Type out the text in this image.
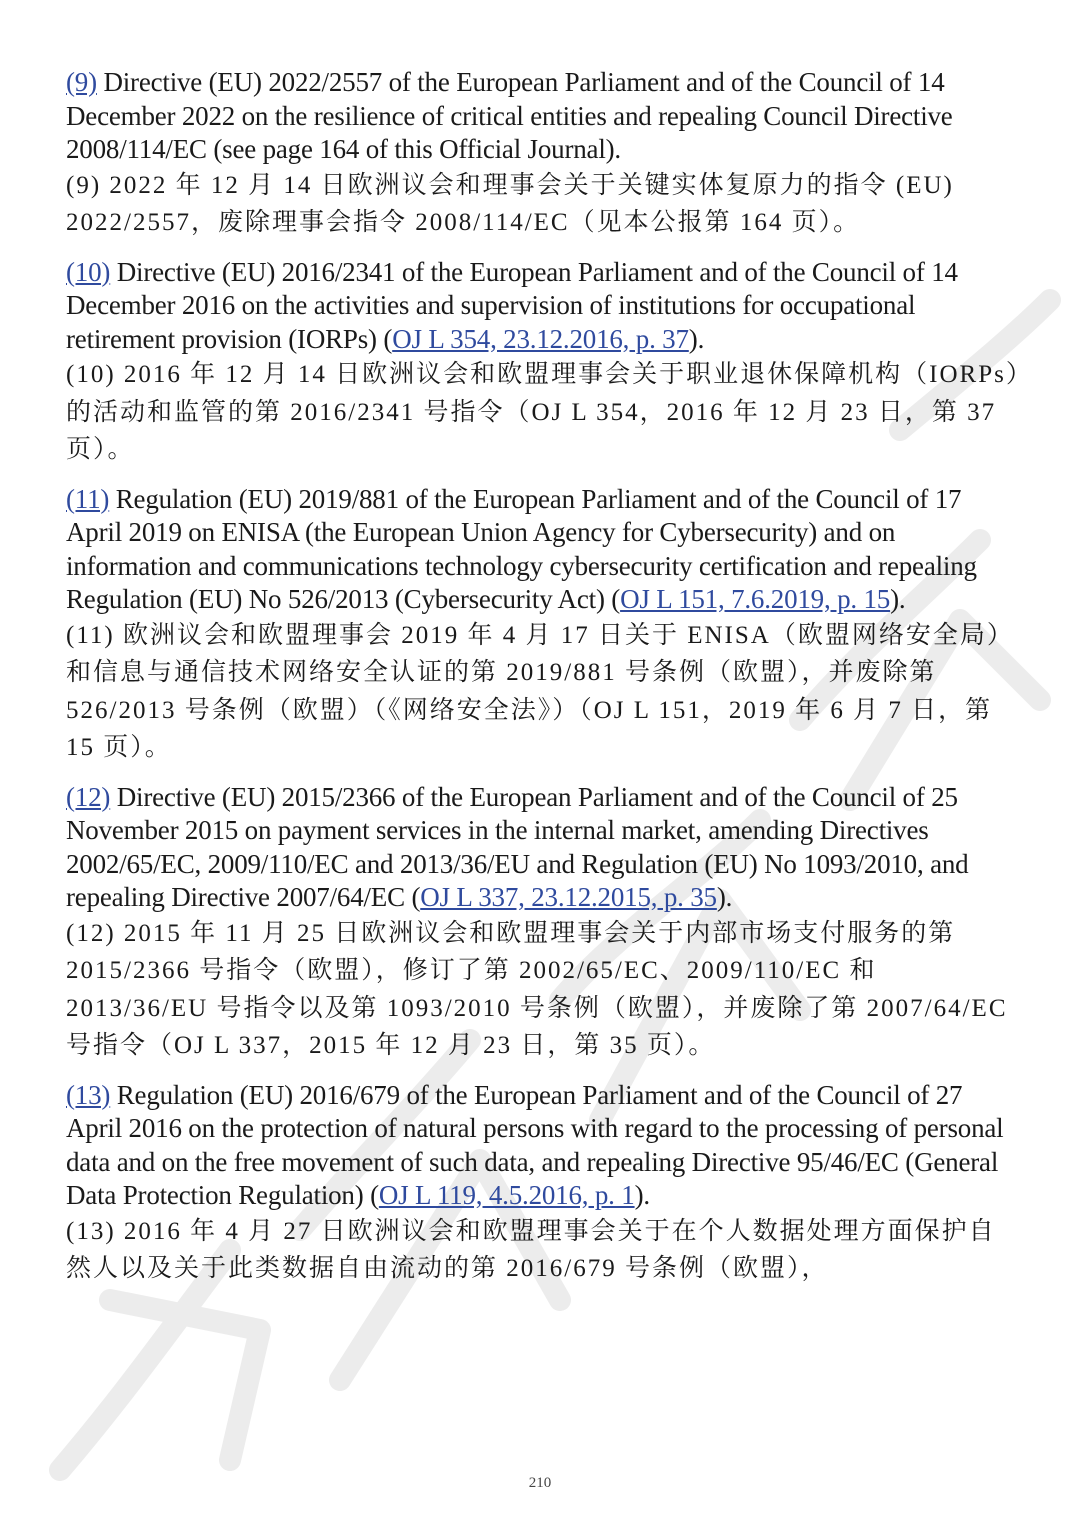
(9) Directive (EU) 2022/2557 of the European Parliament and of the Council of 14 December 2022 on the resilience of critical entities and repealing Council Directive 2008/114/EC (see page 164 of this Official Journal).
(9) 2022 年 12 月 14 日欧洲议会和理事会关于关键实体复原力的指令 (EU) 2022/2557，废除理事会指令 2008/114/EC（见本公报第 164 页）。
(10) Directive (EU) 2016/2341 of the European Parliament and of the Council of 14 December 2016 on the activities and supervision of institutions for occupational retirement provision (IORPs) (OJ L 354, 23.12.2016, p. 37).
(10) 2016 年 12 月 14 日欧洲议会和欧盟理事会关于职业退休保障机构（IORPs）的活动和监管的第 2016/2341 号指令（OJ L 354，2016 年 12 月 23 日，第 37 页）。
(11) Regulation (EU) 2019/881 of the European Parliament and of the Council of 17 April 2019 on ENISA (the European Union Agency for Cybersecurity) and on information and communications technology cybersecurity certification and repealing Regulation (EU) No 526/2013 (Cybersecurity Act) (OJ L 151, 7.6.2019, p. 15).
(11) 欧洲议会和欧盟理事会 2019 年 4 月 17 日关于 ENISA（欧盟网络安全局）和信息与通信技术网络安全认证的第 2019/881 号条例（欧盟），并废除第 526/2013 号条例（欧盟）（《网络安全法》）（OJ L 151，2019 年 6 月 7 日，第 15 页）。
(12) Directive (EU) 2015/2366 of the European Parliament and of the Council of 25 November 2015 on payment services in the internal market, amending Directives 2002/65/EC, 2009/110/EC and 2013/36/EU and Regulation (EU) No 1093/2010, and repealing Directive 2007/64/EC (OJ L 337, 23.12.2015, p. 35).
(12) 2015 年 11 月 25 日欧洲议会和欧盟理事会关于内部市场支付服务的第 2015/2366 号指令（欧盟），修订了第 2002/65/EC、2009/110/EC 和 2013/36/EU 号指令以及第 1093/2010 号条例（欧盟），并废除了第 2007/64/EC 号指令（OJ L 337，2015 年 12 月 23 日，第 35 页）。
(13) Regulation (EU) 2016/679 of the European Parliament and of the Council of 27 April 2016 on the protection of natural persons with regard to the processing of personal data and on the free movement of such data, and repealing Directive 95/46/EC (General Data Protection Regulation) (OJ L 119, 4.5.2016, p. 1).
(13) 2016 年 4 月 27 日欧洲议会和欧盟理事会关于在个人数据处理方面保护自然人以及关于此类数据自由流动的第 2016/679 号条例（欧盟），
210
